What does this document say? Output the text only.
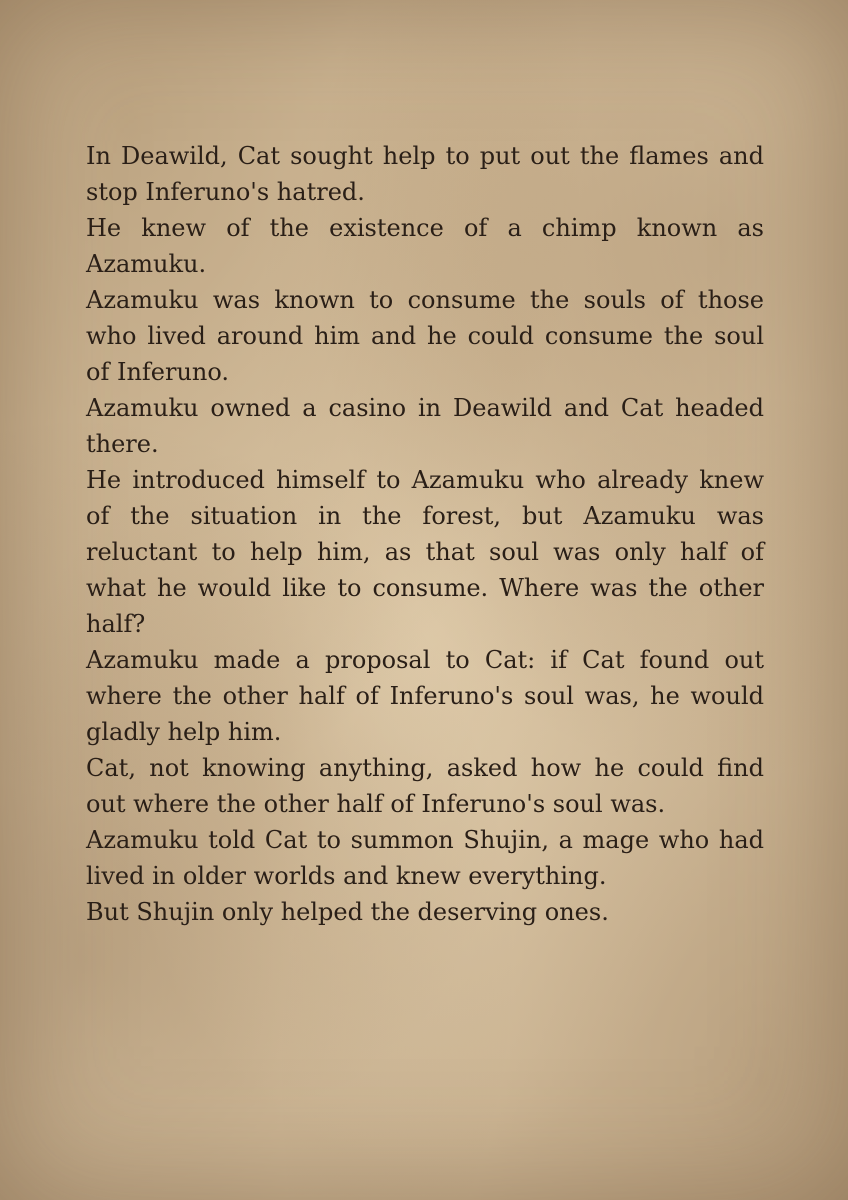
In Deawild, Cat sought help to put out the flames and stop Inferuno's hatred.

He knew of the existence of a chimp known as Azamuku.

Azamuku was known to consume the souls of those who lived around him and he could consume the soul of Inferuno.

Azamuku owned a casino in Deawild and Cat headed there.

He introduced himself to Azamuku who already knew of the situation in the forest, but Azamuku was reluctant to help him, as that soul was only half of what he would like to consume. Where was the other half?

Azamuku made a proposal to Cat: if Cat found out where the other half of Inferuno's soul was, he would gladly help him.

Cat, not knowing anything, asked how he could find out where the other half of Inferuno's soul was.

Azamuku told Cat to summon Shujin, a mage who had lived in older worlds and knew everything.

But Shujin only helped the deserving ones.
